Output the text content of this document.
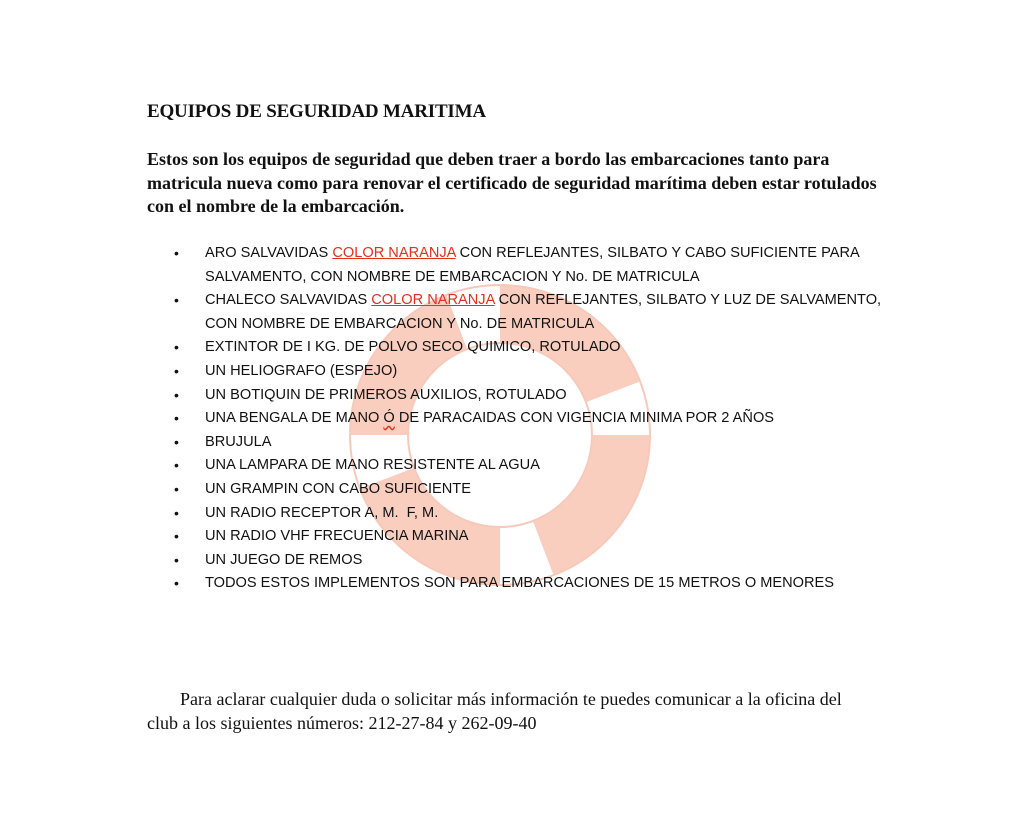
EQUIPOS DE SEGURIDAD MARITIMA

Estos son los equipos de seguridad que deben traer a bordo las embarcaciones tanto para matricula nueva como para renovar el certificado de seguridad marítima deben estar rotulados con el nombre de la embarcación.

• ARO SALVAVIDAS COLOR NARANJA CON REFLEJANTES, SILBATO Y CABO SUFICIENTE PARA SALVAMENTO, CON NOMBRE DE EMBARCACION Y No. DE MATRICULA
• CHALECO SALVAVIDAS COLOR NARANJA CON REFLEJANTES, SILBATO Y LUZ DE SALVAMENTO, CON NOMBRE DE EMBARCACION Y No. DE MATRICULA
• EXTINTOR DE I KG. DE POLVO SECO QUIMICO, ROTULADO
• UN HELIOGRAFO (ESPEJO)
• UN BOTIQUIN DE PRIMEROS AUXILIOS, ROTULADO
• UNA BENGALA DE MANO Ó DE PARACAIDAS CON VIGENCIA MINIMA POR 2 AÑOS
• BRUJULA
• UNA LAMPARA DE MANO RESISTENTE AL AGUA
• UN GRAMPIN CON CABO SUFICIENTE
• UN RADIO RECEPTOR A, M.  F, M.
• UN RADIO VHF FRECUENCIA MARINA
• UN JUEGO DE REMOS
• TODOS ESTOS IMPLEMENTOS SON PARA EMBARCACIONES DE 15 METROS O MENORES

Para aclarar cualquier duda o solicitar más información te puedes comunicar a la oficina del club a los siguientes números: 212-27-84 y 262-09-40
